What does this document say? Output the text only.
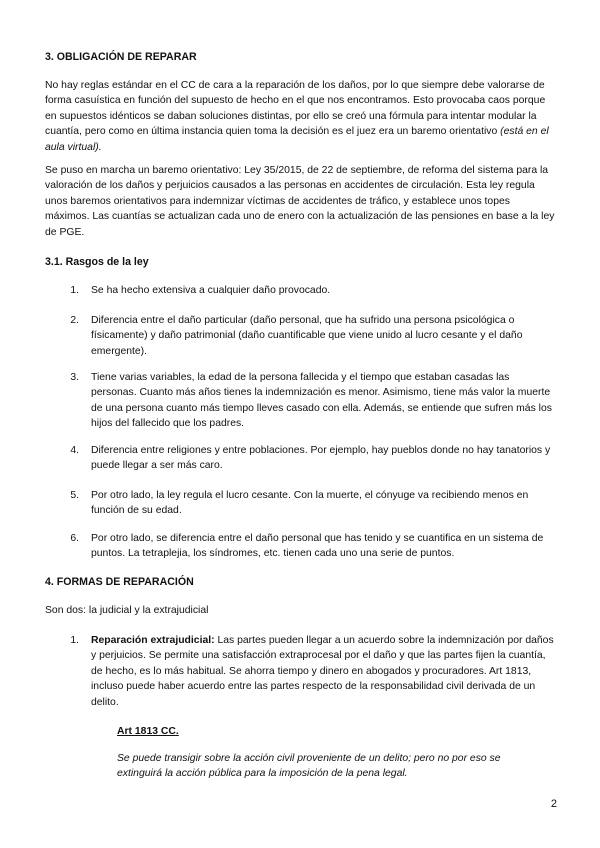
3. OBLIGACIÓN DE REPARAR

No hay reglas estándar en el CC de cara a la reparación de los daños, por lo que siempre debe valorarse de forma casuística en función del supuesto de hecho en el que nos encontramos. Esto provocaba caos porque en supuestos idénticos se daban soluciones distintas, por ello se creó una fórmula para intentar modular la cuantía, pero como en última instancia quien toma la decisión es el juez era un baremo orientativo (está en el aula virtual).

Se puso en marcha un baremo orientativo: Ley 35/2015, de 22 de septiembre, de reforma del sistema para la valoración de los daños y perjuicios causados a las personas en accidentes de circulación. Esta ley regula unos baremos orientativos para indemnizar víctimas de accidentes de tráfico, y establece unos topes máximos. Las cuantías se actualizan cada uno de enero con la actualización de las pensiones en base a la ley de PGE.

3.1. Rasgos de la ley
1. Se ha hecho extensiva a cualquier daño provocado.
2. Diferencia entre el daño particular (daño personal, que ha sufrido una persona psicológica o físicamente) y daño patrimonial (daño cuantificable que viene unido al lucro cesante y el daño emergente).
3. Tiene varias variables, la edad de la persona fallecida y el tiempo que estaban casadas las personas. Cuanto más años tienes la indemnización es menor. Asimismo, tiene más valor la muerte de una persona cuanto más tiempo lleves casado con ella. Además, se entiende que sufren más los hijos del fallecido que los padres.
4. Diferencia entre religiones y entre poblaciones. Por ejemplo, hay pueblos donde no hay tanatorios y puede llegar a ser más caro.
5. Por otro lado, la ley regula el lucro cesante. Con la muerte, el cónyuge va recibiendo menos en función de su edad.
6. Por otro lado, se diferencia entre el daño personal que has tenido y se cuantifica en un sistema de puntos. La tetraplejia, los síndromes, etc. tienen cada uno una serie de puntos.
4. FORMAS DE REPARACIÓN

Son dos: la judicial y la extrajudicial

1. Reparación extrajudicial: Las partes pueden llegar a un acuerdo sobre la indemnización por daños y perjuicios. Se permite una satisfacción extraprocesal por el daño y que las partes fijen la cuantía, de hecho, es lo más habitual. Se ahorra tiempo y dinero en abogados y procuradores. Art 1813, incluso puede haber acuerdo entre las partes respecto de la responsabilidad civil derivada de un delito.
Art 1813 CC.

Se puede transigir sobre la acción civil proveniente de un delito; pero no por eso se extinguirá la acción pública para la imposición de la pena legal.

2
